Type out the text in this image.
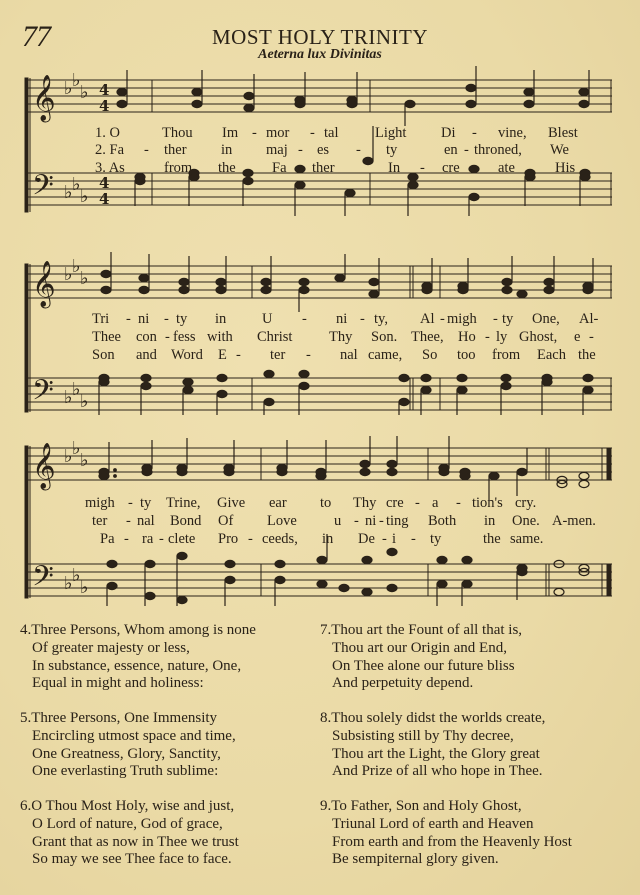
77	MOST HOLY TRINITY
Aeterna lux Divinitas
𝄞
𝄢
♭ ♭
♭
♭ ♭
♭
4
4
4
4

1. O	Thou Im - mor - tal	Light Di - vine, Blest

2. Fa - ther in maj - es - ty	en - throned, We

3. As	from the	Fa - ther	In - cre - ate	His

𝄞
𝄢
♭ ♭
♭
♭ ♭
♭

Tri - ni - ty in U - ni - ty, Al - migh - ty One, Al-

Thee con - fess with Christ	Thy Son. Thee, Ho - ly Ghost, e -

Son and Word E - ter - nal came, So too from Each the

𝄞
𝄢
♭ ♭
♭
♭ ♭
♭

migh - ty Trine, Give ear to Thy cre - a - tion's cry.

ter - nal Bond Of Love	u - ni - ting Both in One. A-men.

Pa - ra - clete Pro - ceeds, in De - i - ty	the same.

4.Three Persons, Whom among is none
Of greater majesty or less,
In substance, essence, nature, One,
Equal in might and holiness:
5.Three Persons, One Immensity
Encircling utmost space and time,
One Greatness, Glory, Sanctity,
One everlasting Truth sublime:
6.O Thou Most Holy, wise and just,
O Lord of nature, God of grace,
Grant that as now in Thee we trust
So may we see Thee face to face.
7.Thou art the Fount of all that is,
Thou art our Origin and End,
On Thee alone our future bliss
And perpetuity depend.
8.Thou solely didst the worlds create,
Subsisting still by Thy decree,
Thou art the Light, the Glory great
And Prize of all who hope in Thee.
9.To Father, Son and Holy Ghost,
Triunal Lord of earth and Heaven
From earth and from the Heavenly Host
Be sempiternal glory given.
